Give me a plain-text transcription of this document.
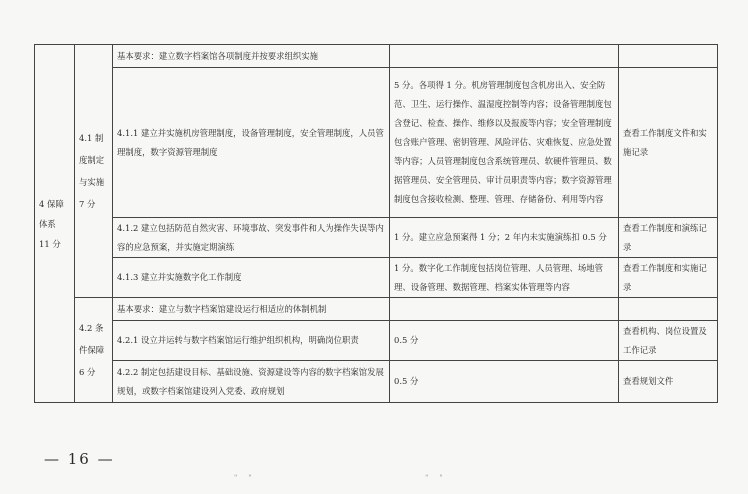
4 保障
体系
11 分	4.1 制
度制定
与实施
7 分	基本要求：建立数字档案馆各项制度并按要求组织实施		
		4.1.1 建立并实施机房管理制度，设备管理制度，安全管理制度，人员管理制度，数字资源管理制度	5 分。各项得 1 分。机房管理制度包含机房出入、安全防范、卫生、运行操作、温湿度控制等内容；设备管理制度包含登记、检查、操作、维修以及报废等内容；安全管理制度包含账户管理、密钥管理、风险评估、灾难恢复、应急处置等内容；人员管理制度包含系统管理员、软硬件管理员、数据管理员、安全管理员、审计员职责等内容；数字资源管理制度包含接收检测、整理、管理、存储备份、利用等内容	查看工作制度文件和实施记录
		4.1.2 建立包括防范自然灾害、环境事故、突发事件和人为操作失误等内容的应急预案，并实施定期演练	1 分。建立应急预案得 1 分；2 年内未实施演练扣 0.5 分	查看工作制度和演练记录
		4.1.3 建立并实施数字化工作制度	1 分。数字化工作制度包括岗位管理、人员管理、场地管理、设备管理、数据管理、档案实体管理等内容	查看工作制度和实施记录
	4.2 条
件保障
6 分	基本要求：建立与数字档案馆建设运行相适应的体制机制		
		4.2.1 设立并运转与数字档案馆运行维护组织机构，明确岗位职责	0.5 分	查看机构、岗位设置及工作记录
		4.2.2 制定包括建设目标、基础设施、资源建设等内容的数字档案馆发展规划，或数字档案馆建设列入党委、政府规划	0.5 分	查看规划文件
— 16 —
"     "                                                                              "     "
